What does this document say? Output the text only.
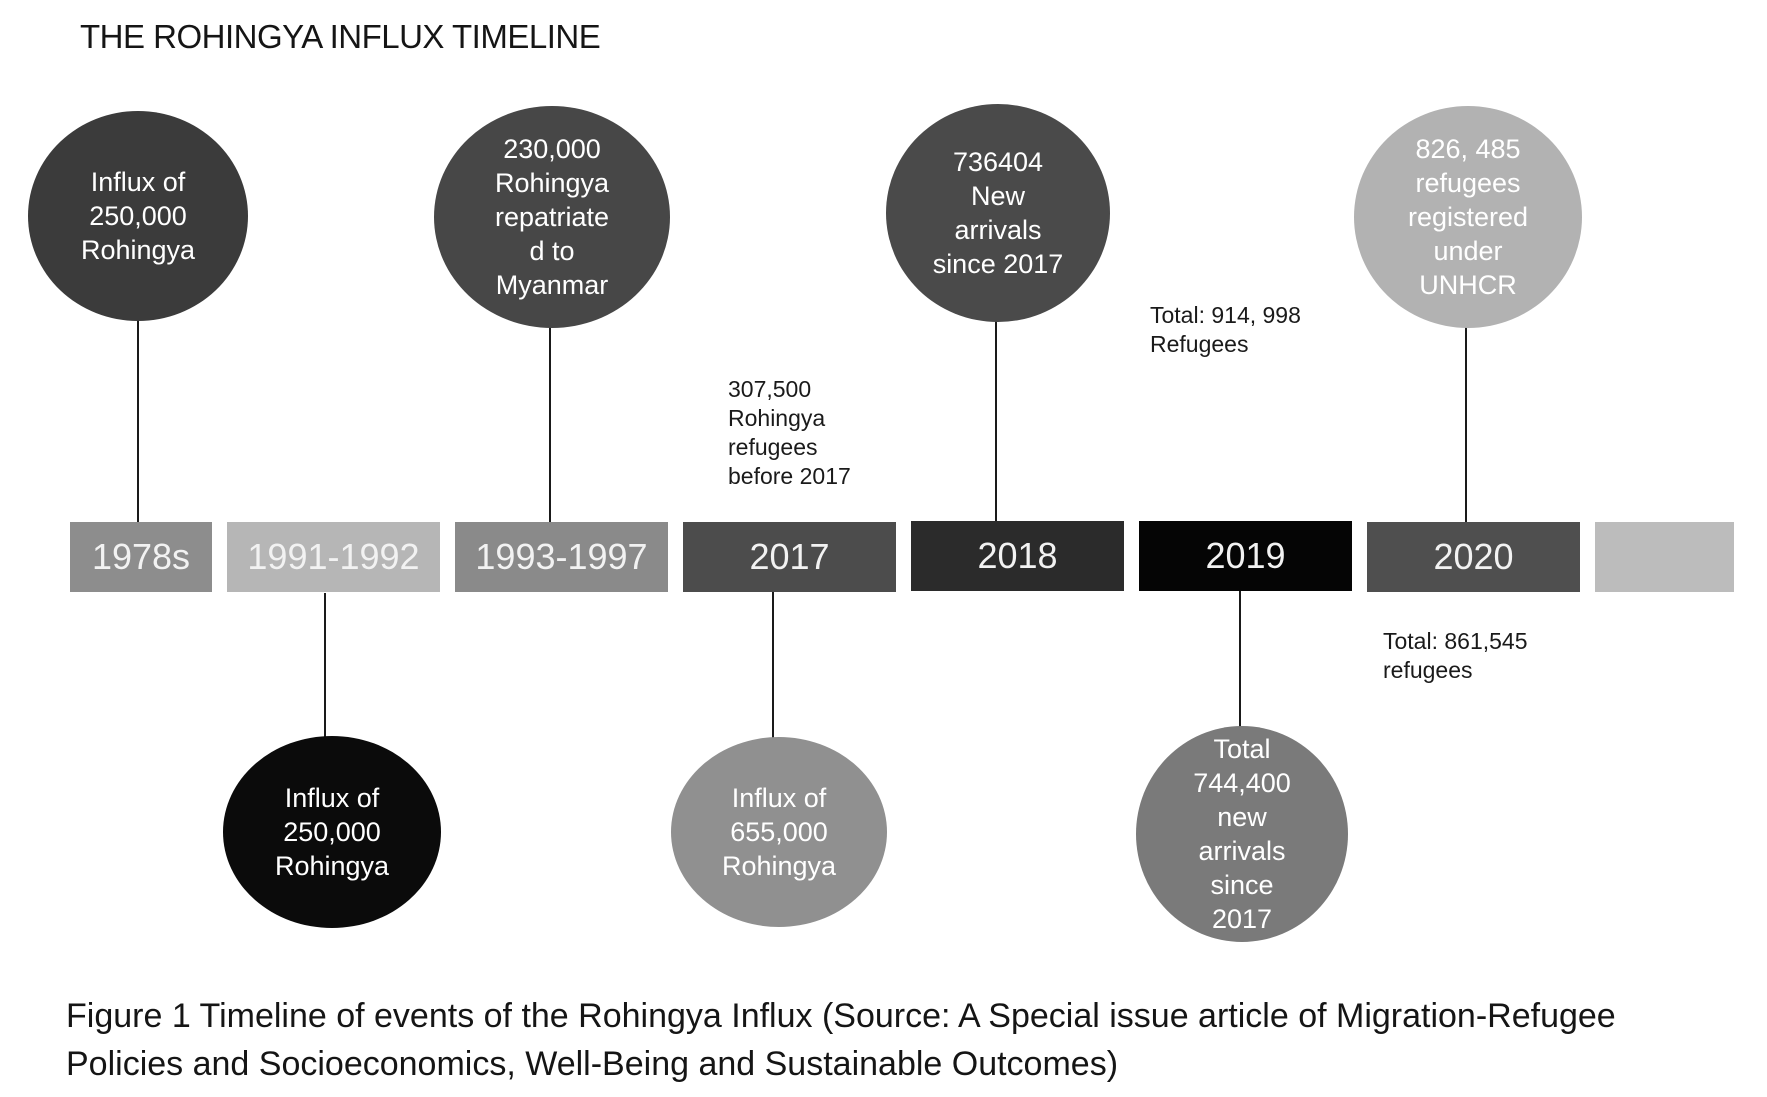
THE ROHINGYA INFLUX TIMELINE
1978s	1991-1992	1993-1997	2017	2018	2019	2020
Influx of
250,000
Rohingya
Influx of
250,000
Rohingya
230,000
Rohingya
repatriate
d to
Myanmar
Influx of
655,000
Rohingya
736404
New
arrivals
since 2017
Total
744,400
new
arrivals
since
2017
826, 485
refugees
registered
under
UNHCR
307,500
Rohingya
refugees
before 2017
Total: 914, 998
Refugees
Total: 861,545
refugees
Figure 1 Timeline of events of the Rohingya Influx (Source: A Special issue article of Migration-Refugee
Policies and Socioeconomics, Well-Being and Sustainable Outcomes)
